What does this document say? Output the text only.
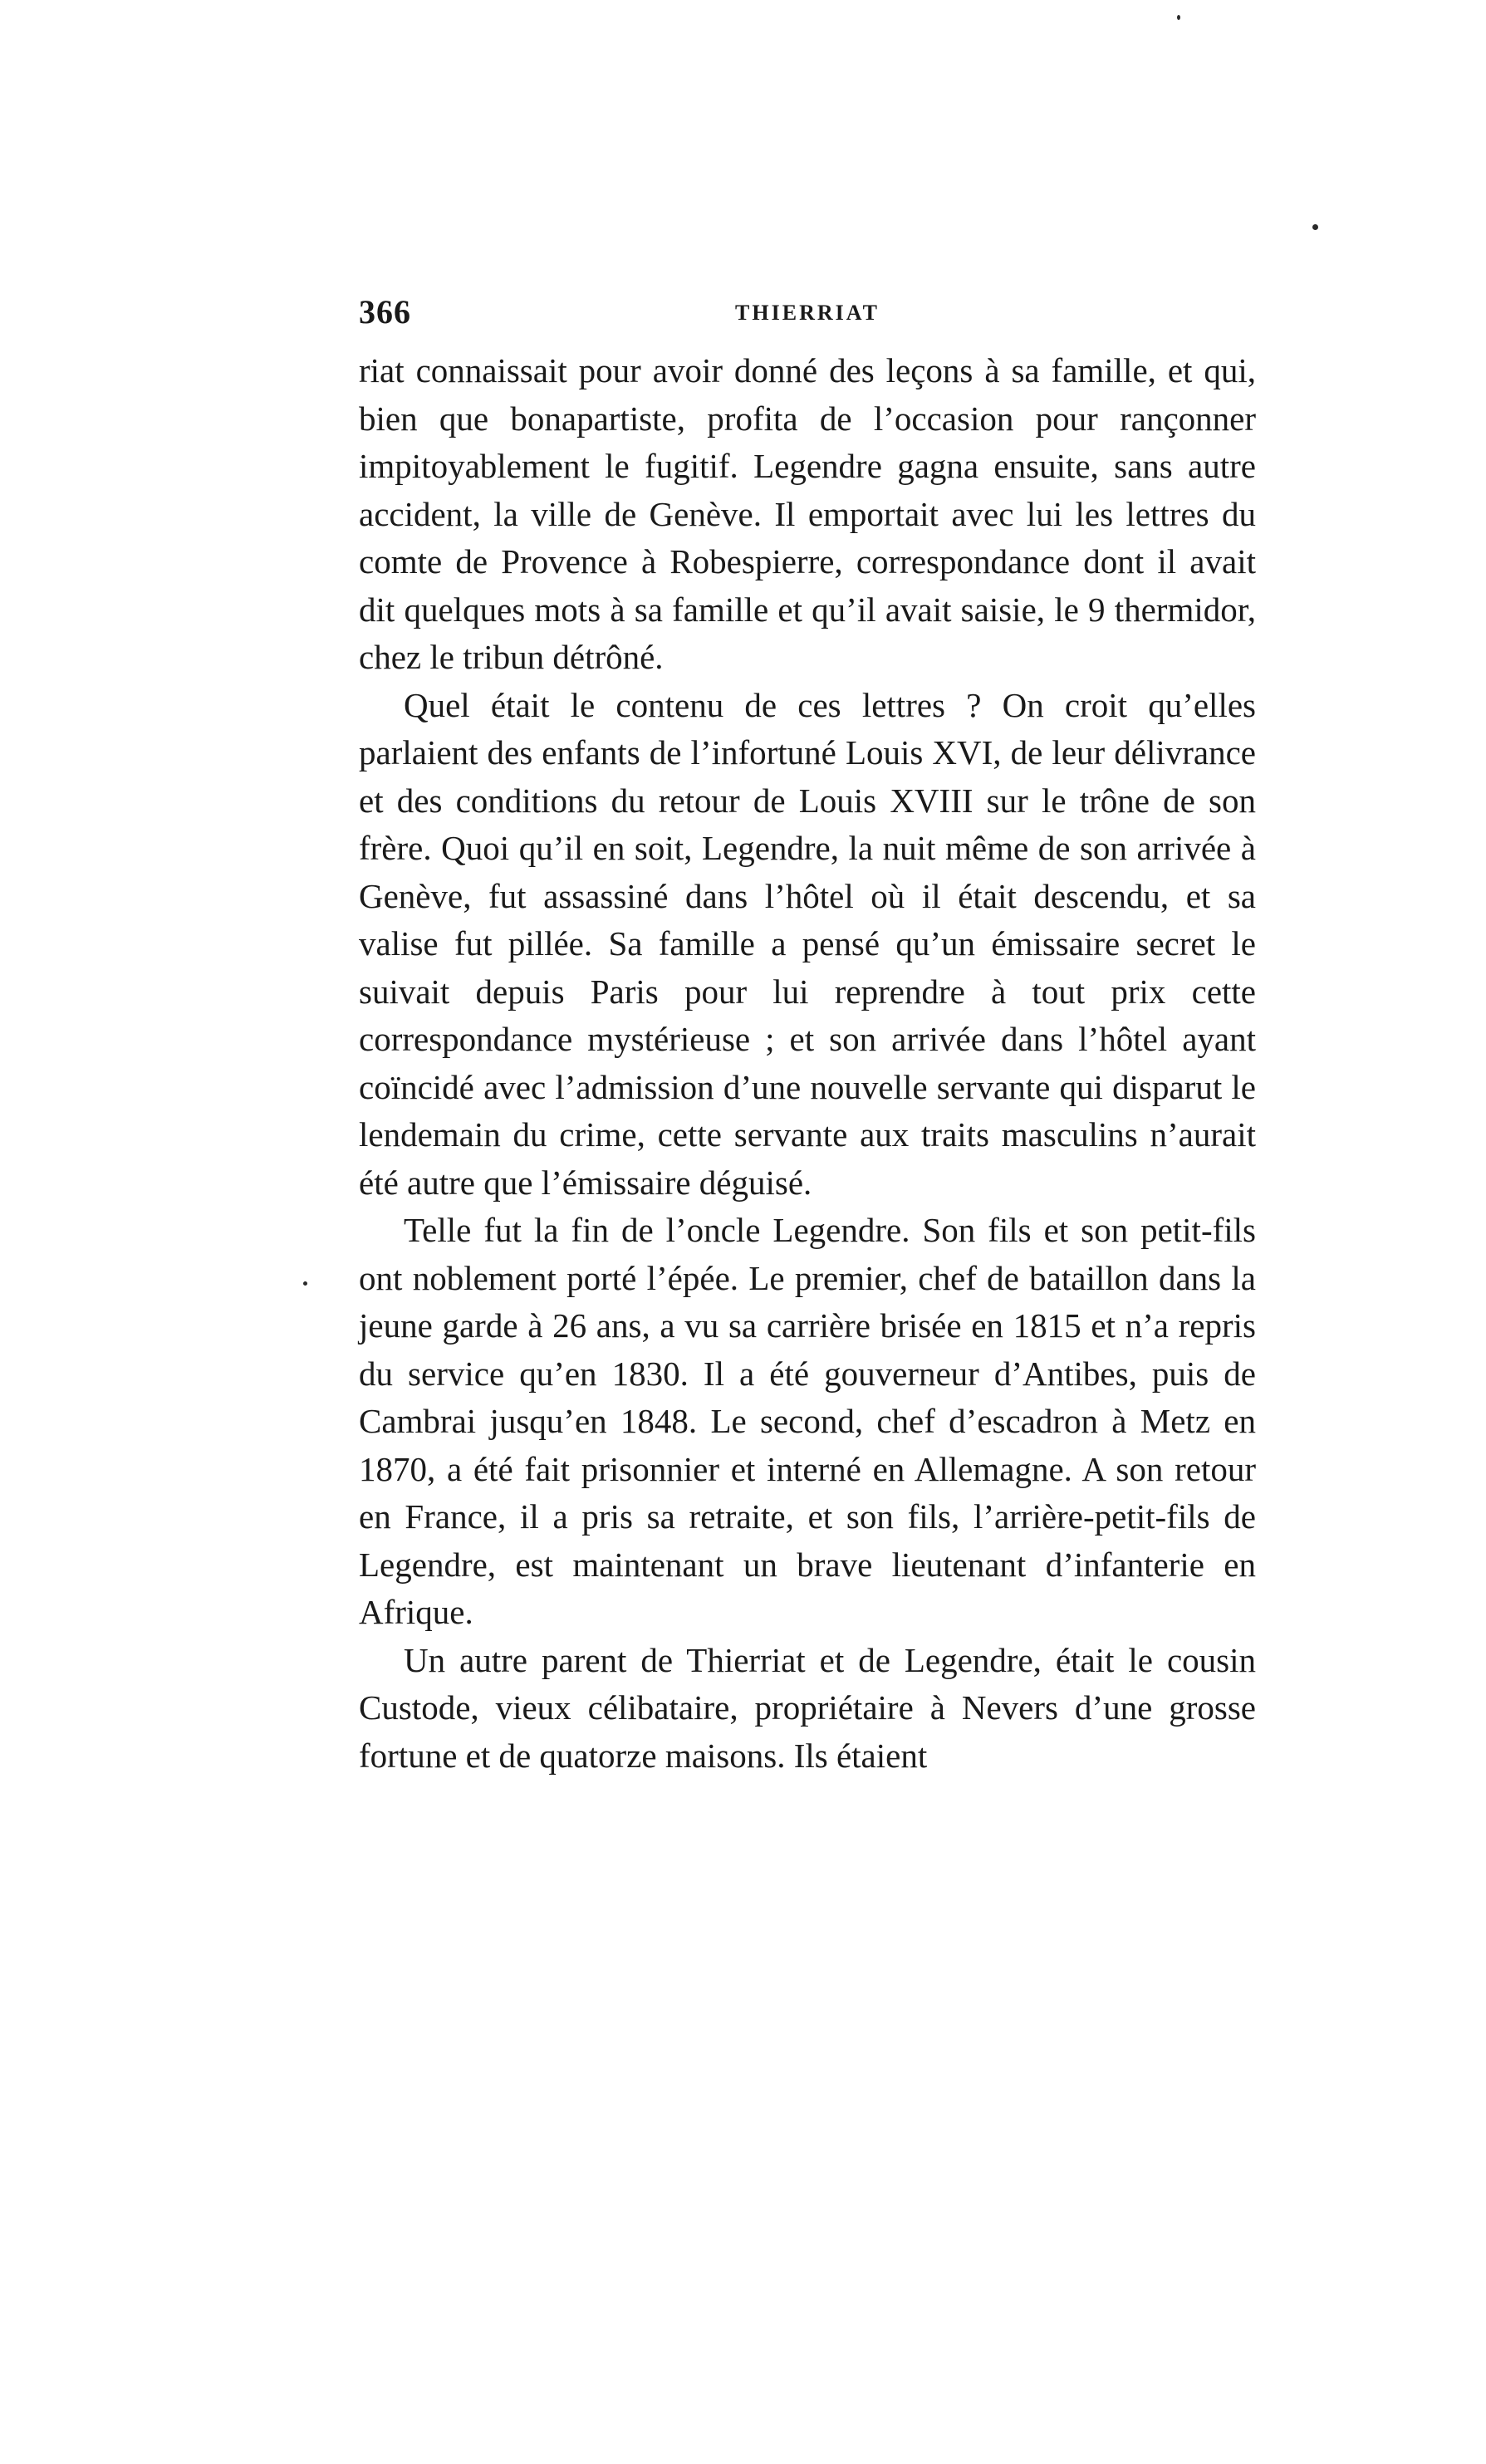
366	THIERRIAT

riat connaissait pour avoir donné des leçons à sa famille, et qui, bien que bonapartiste, profita de l’occasion pour rançonner impitoyablement le fugitif. Legendre gagna ensuite, sans autre accident, la ville de Genève. Il emportait avec lui les lettres du comte de Provence à Robespierre, correspondance dont il avait dit quelques mots à sa famille et qu’il avait saisie, le 9 thermidor, chez le tribun détrôné.

Quel était le contenu de ces lettres ? On croit qu’elles parlaient des enfants de l’infortuné Louis XVI, de leur délivrance et des conditions du retour de Louis XVIII sur le trône de son frère. Quoi qu’il en soit, Legendre, la nuit même de son arrivée à Genève, fut assassiné dans l’hôtel où il était descendu, et sa valise fut pillée. Sa famille a pensé qu’un émissaire secret le suivait depuis Paris pour lui reprendre à tout prix cette correspondance mystérieuse ; et son arrivée dans l’hôtel ayant coïncidé avec l’admission d’une nouvelle servante qui disparut le lendemain du crime, cette servante aux traits masculins n’aurait été autre que l’émissaire déguisé.

Telle fut la fin de l’oncle Legendre. Son fils et son petit-fils ont noblement porté l’épée. Le premier, chef de bataillon dans la jeune garde à 26 ans, a vu sa carrière brisée en 1815 et n’a repris du service qu’en 1830. Il a été gouverneur d’Antibes, puis de Cambrai jusqu’en 1848. Le second, chef d’escadron à Metz en 1870, a été fait prisonnier et interné en Allemagne. A son retour en France, il a pris sa retraite, et son fils, l’arrière-petit-fils de Legendre, est maintenant un brave lieutenant d’infanterie en Afrique.

Un autre parent de Thierriat et de Legendre, était le cousin Custode, vieux célibataire, propriétaire à Nevers d’une grosse fortune et de quatorze maisons. Ils étaient
